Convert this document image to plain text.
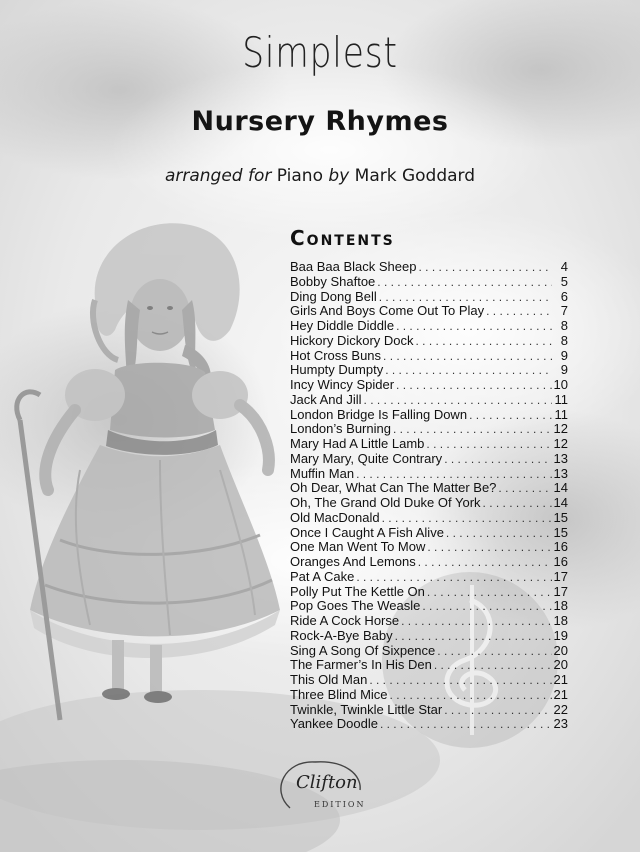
Simplest
Nursery Rhymes
arranged for Piano by Mark Goddard
Contents
Baa Baa Black Sheep . . .	4
Bobby Shaftoe . . .	5
Ding Dong Bell . . .	6
Girls And Boys Come Out To Play . . .	7
Hey Diddle Diddle . . .	8
Hickory Dickory Dock . . .	8
Hot Cross Buns . . .	9
Humpty Dumpty . . .	9
Incy Wincy Spider . . .	10
Jack And Jill . . .	11
London Bridge Is Falling Down . . .	11
London’s Burning . . .	12
Mary Had A Little Lamb . . .	12
Mary Mary, Quite Contrary . . .	13
Muffin Man . . .	13
Oh Dear, What Can The Matter Be? . . .	14
Oh, The Grand Old Duke Of York . . .	14
Old MacDonald . . .	15
Once I Caught A Fish Alive . . .	15
One Man Went To Mow . . .	16
Oranges And Lemons . . .	16
Pat A Cake . . .	17
Polly Put The Kettle On . . .	17
Pop Goes The Weasle . . .	18
Ride A Cock Horse . . .	18
Rock-A-Bye Baby . . .	19
Sing A Song Of Sixpence . . .	20
The Farmer’s In His Den . . .	20
This Old Man . . .	21
Three Blind Mice . . .	21
Twinkle, Twinkle Little Star . . .	22
Yankee Doodle . . .	23
Clifton
EDITION
